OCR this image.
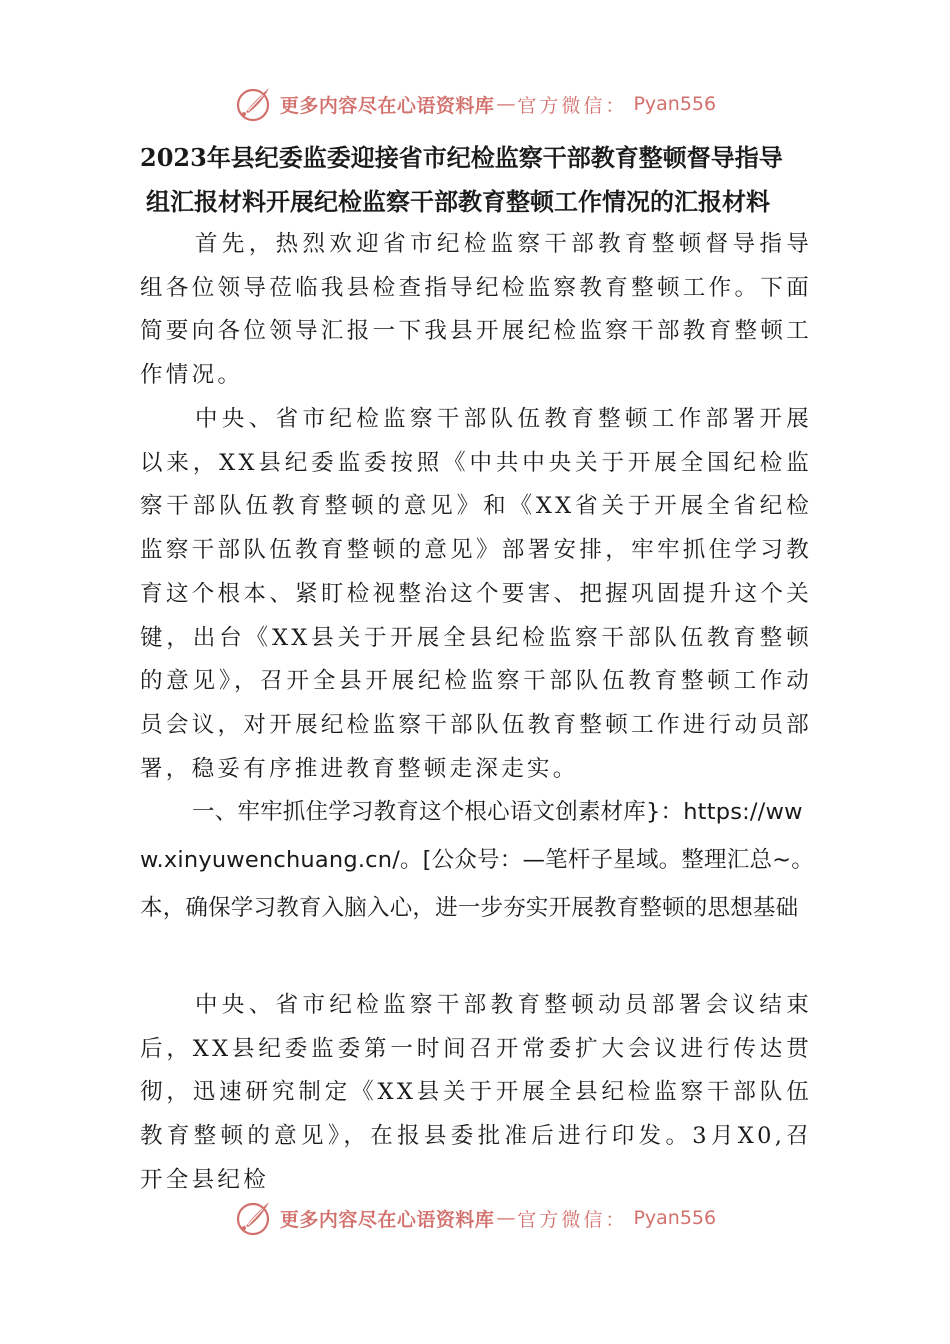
更多内容尽在心语资料库 — 官方微信： Pyan556
2023年县纪委监委迎接省市纪检监察干部教育整顿督导指导
组汇报材料开展纪检监察干部教育整顿工作情况的汇报材料

首先，热烈欢迎省市纪检监察干部教育整顿督导指导组各位领导莅临我县检查指导纪检监察教育整顿工作。下面简要向各位领导汇报一下我县开展纪检监察干部教育整顿工作情况。

中央、省市纪检监察干部队伍教育整顿工作部署开展以来，XX县纪委监委按照《中共中央关于开展全国纪检监察干部队伍教育整顿的意见》和《XX省关于开展全省纪检监察干部队伍教育整顿的意见》部署安排，牢牢抓住学习教育这个根本、紧盯检视整治这个要害、把握巩固提升这个关键，出台《XX县关于开展全县纪检监察干部队伍教育整顿的意见》，召开全县开展纪检监察干部队伍教育整顿工作动员会议，对开展纪检监察干部队伍教育整顿工作进行动员部署，稳妥有序推进教育整顿走深走实。

一、牢牢抓住学习教育这个根心语文创素材库}：https://www.xinyuwenchuang.cn/。[公众号：—笔杆子星域。整理汇总~。本，确保学习教育入脑入心，进一步夯实开展教育整顿的思想基础

中央、省市纪检监察干部教育整顿动员部署会议结束后，XX县纪委监委第一时间召开常委扩大会议进行传达贯彻，迅速研究制定《XX县关于开展全县纪检监察干部队伍教育整顿的意见》，在报县委批准后进行印发。3月X0,召开全县纪检

更多内容尽在心语资料库 — 官方微信： Pyan556
